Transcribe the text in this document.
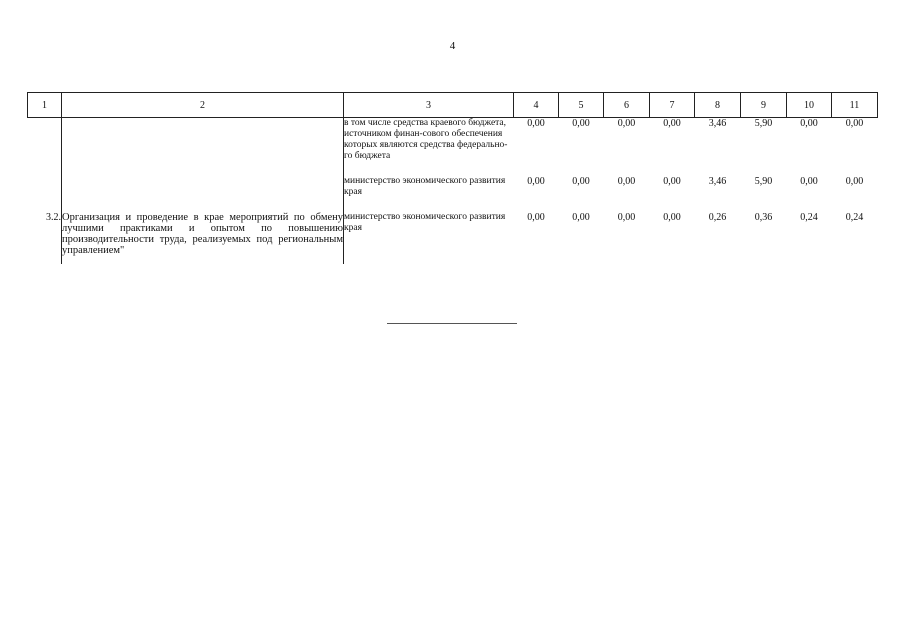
4
1	2	3	4	5	6	7	8	9	10	11
		в том числе средства краевого бюджета, источником финан-сового обеспечения которых являются средства федерально-го бюджета	0,00	0,00	0,00	0,00	3,46	5,90	0,00	0,00

		министерство экономического развития края	0,00	0,00	0,00	0,00	3,46	5,90	0,00	0,00

3.2.	Организация и проведение в крае мероприятий по обмену лучшими практиками и опытом по повышению производительности труда, реализуемых под региональным управлением"	министерство экономического развития края	0,00	0,00	0,00	0,00	0,26	0,36	0,24	0,24
